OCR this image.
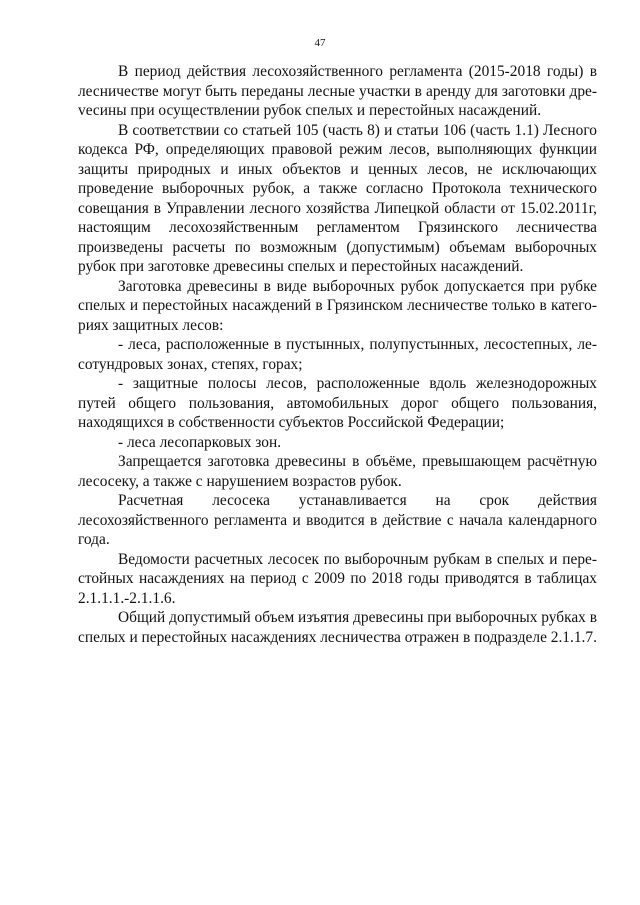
47

В период действия лесохозяйственного регламента (2015-2018 годы) в лесничестве могут быть переданы лесные участки в аренду для заготовки дреvесины при осуществлении рубок спелых и перестойных насаждений.

В соответствии со статьей 105 (часть 8) и статьи 106 (часть 1.1) Лесного кодекса РФ, определяющих правовой режим лесов, выполняющих функции защиты природных и иных объектов и ценных лесов, не исключающих проведение выборочных рубок, а также согласно Протокола технического совещания в Управлении лесного хозяйства Липецкой области от 15.02.2011г, настоящим лесохозяйственным регламентом Грязинского лесничества произведены расчеты по возможным (допустимым) объемам выборочных рубок при заготовке древесины спелых и перестойных насаждений.

Заготовка древесины в виде выборочных рубок допускается при рубке спелых и перестойных насаждений в Грязинском лесничестве только в категориях защитных лесов:

- леса, расположенные в пустынных, полупустынных, лесостепных, лесотундровых зонах, степях, горах;

- защитные полосы лесов, расположенные вдоль железнодорожных путей общего пользования, автомобильных дорог общего пользования, находящихся в собственности субъектов Российской Федерации;

- леса лесопарковых зон.

Запрещается заготовка древесины в объёме, превышающем расчётную лесосеку, а также с нарушением возрастов рубок.

Расчетная лесосека устанавливается на срок действия лесохозяйственного регламента и вводится в действие с начала календарного года.

Ведомости расчетных лесосек по выборочным рубкам в спелых и перестойных насаждениях на период с 2009 по 2018 годы приводятся в таблицах 2.1.1.1.-2.1.1.6.

Общий допустимый объем изъятия древесины при выборочных рубках в спелых и перестойных насаждениях лесничества отражен в подразделе 2.1.1.7.
